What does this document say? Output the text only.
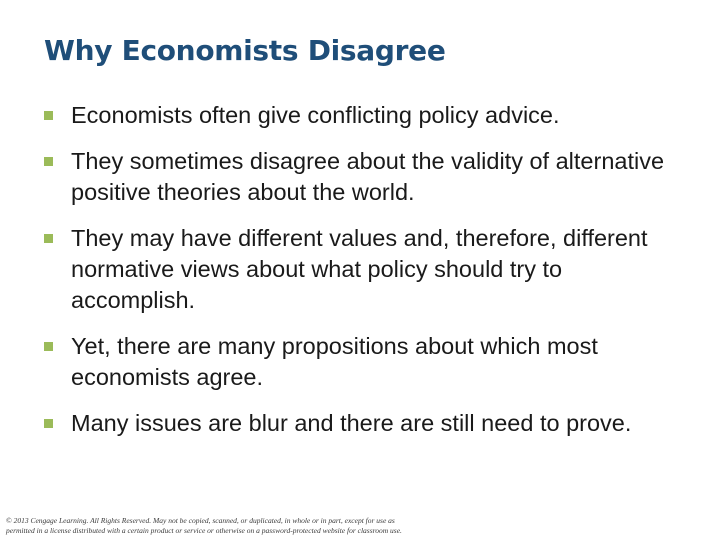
Why Economists Disagree
Economists often give conflicting policy advice.
They sometimes disagree about the validity of alternative positive theories about the world.
They may have different values and, therefore, different normative views about what policy should try to accomplish.
Yet, there are many propositions about which most economists agree.
Many issues are blur and there are still need to prove.
© 2013 Cengage Learning. All Rights Reserved. May not be copied, scanned, or duplicated, in whole or in part, except for use as
permitted in a license distributed with a certain product or service or otherwise on a password-protected website for classroom use.
